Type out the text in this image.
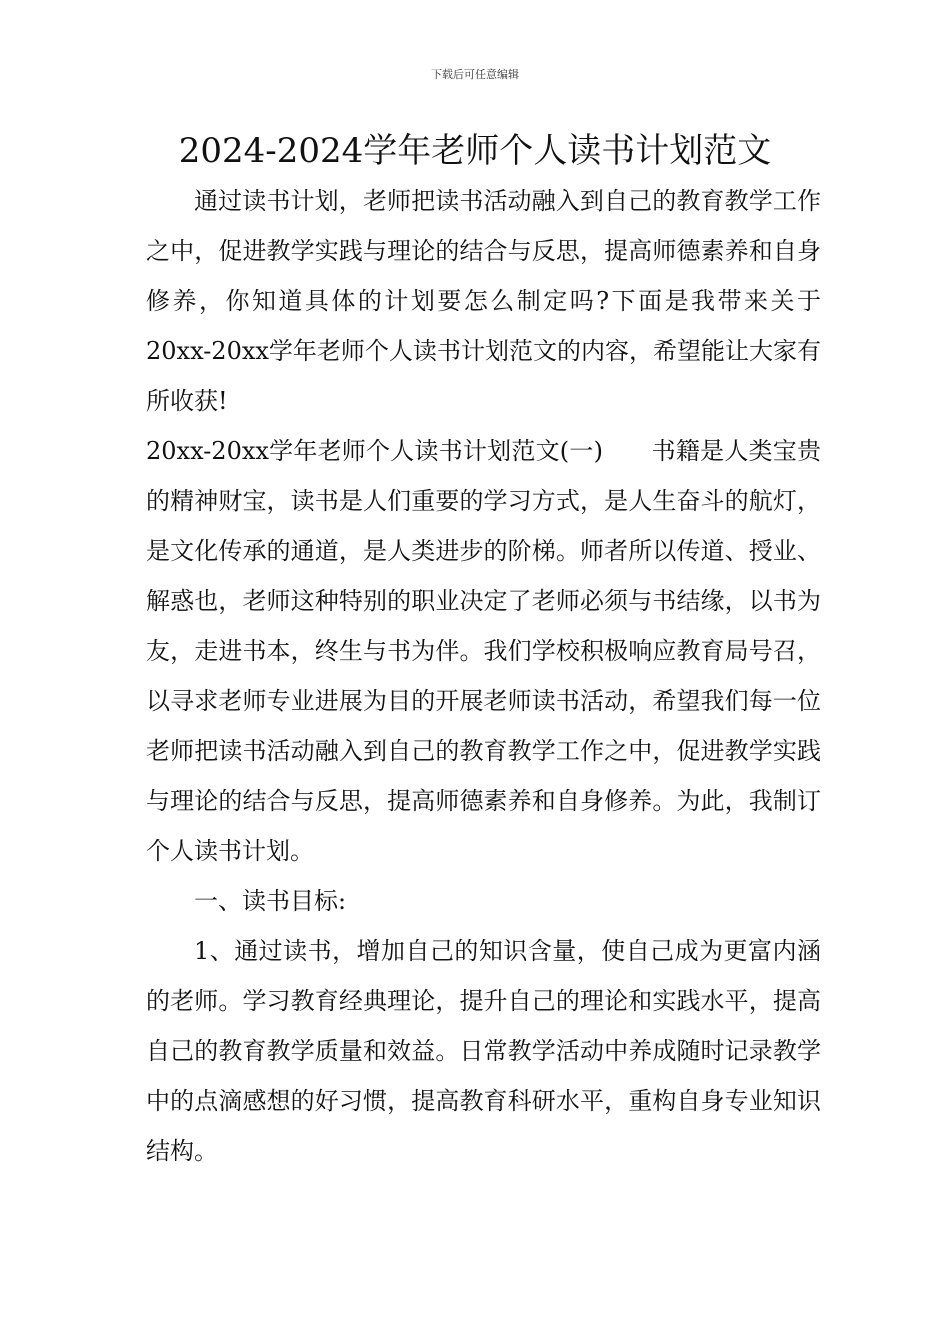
下载后可任意编辑
2024-2024学年老师个人读书计划范文

通过读书计划，老师把读书活动融入到自己的教育教学工作之中，促进教学实践与理论的结合与反思，提高师德素养和自身修养，你知道具体的计划要怎么制定吗?下面是我带来关于20xx-20xx学年老师个人读书计划范文的内容，希望能让大家有所收获!

20xx-20xx学年老师个人读书计划范文(一)　　书籍是人类宝贵的精神财宝，读书是人们重要的学习方式，是人生奋斗的航灯，是文化传承的通道，是人类进步的阶梯。师者所以传道、授业、解惑也，老师这种特别的职业决定了老师必须与书结缘，以书为友，走进书本，终生与书为伴。我们学校积极响应教育局号召，以寻求老师专业进展为目的开展老师读书活动，希望我们每一位老师把读书活动融入到自己的教育教学工作之中，促进教学实践与理论的结合与反思，提高师德素养和自身修养。为此，我制订个人读书计划。

一、读书目标:

1、通过读书，增加自己的知识含量，使自己成为更富内涵的老师。学习教育经典理论，提升自己的理论和实践水平，提高自己的教育教学质量和效益。日常教学活动中养成随时记录教学中的点滴感想的好习惯，提高教育科研水平，重构自身专业知识结构。
